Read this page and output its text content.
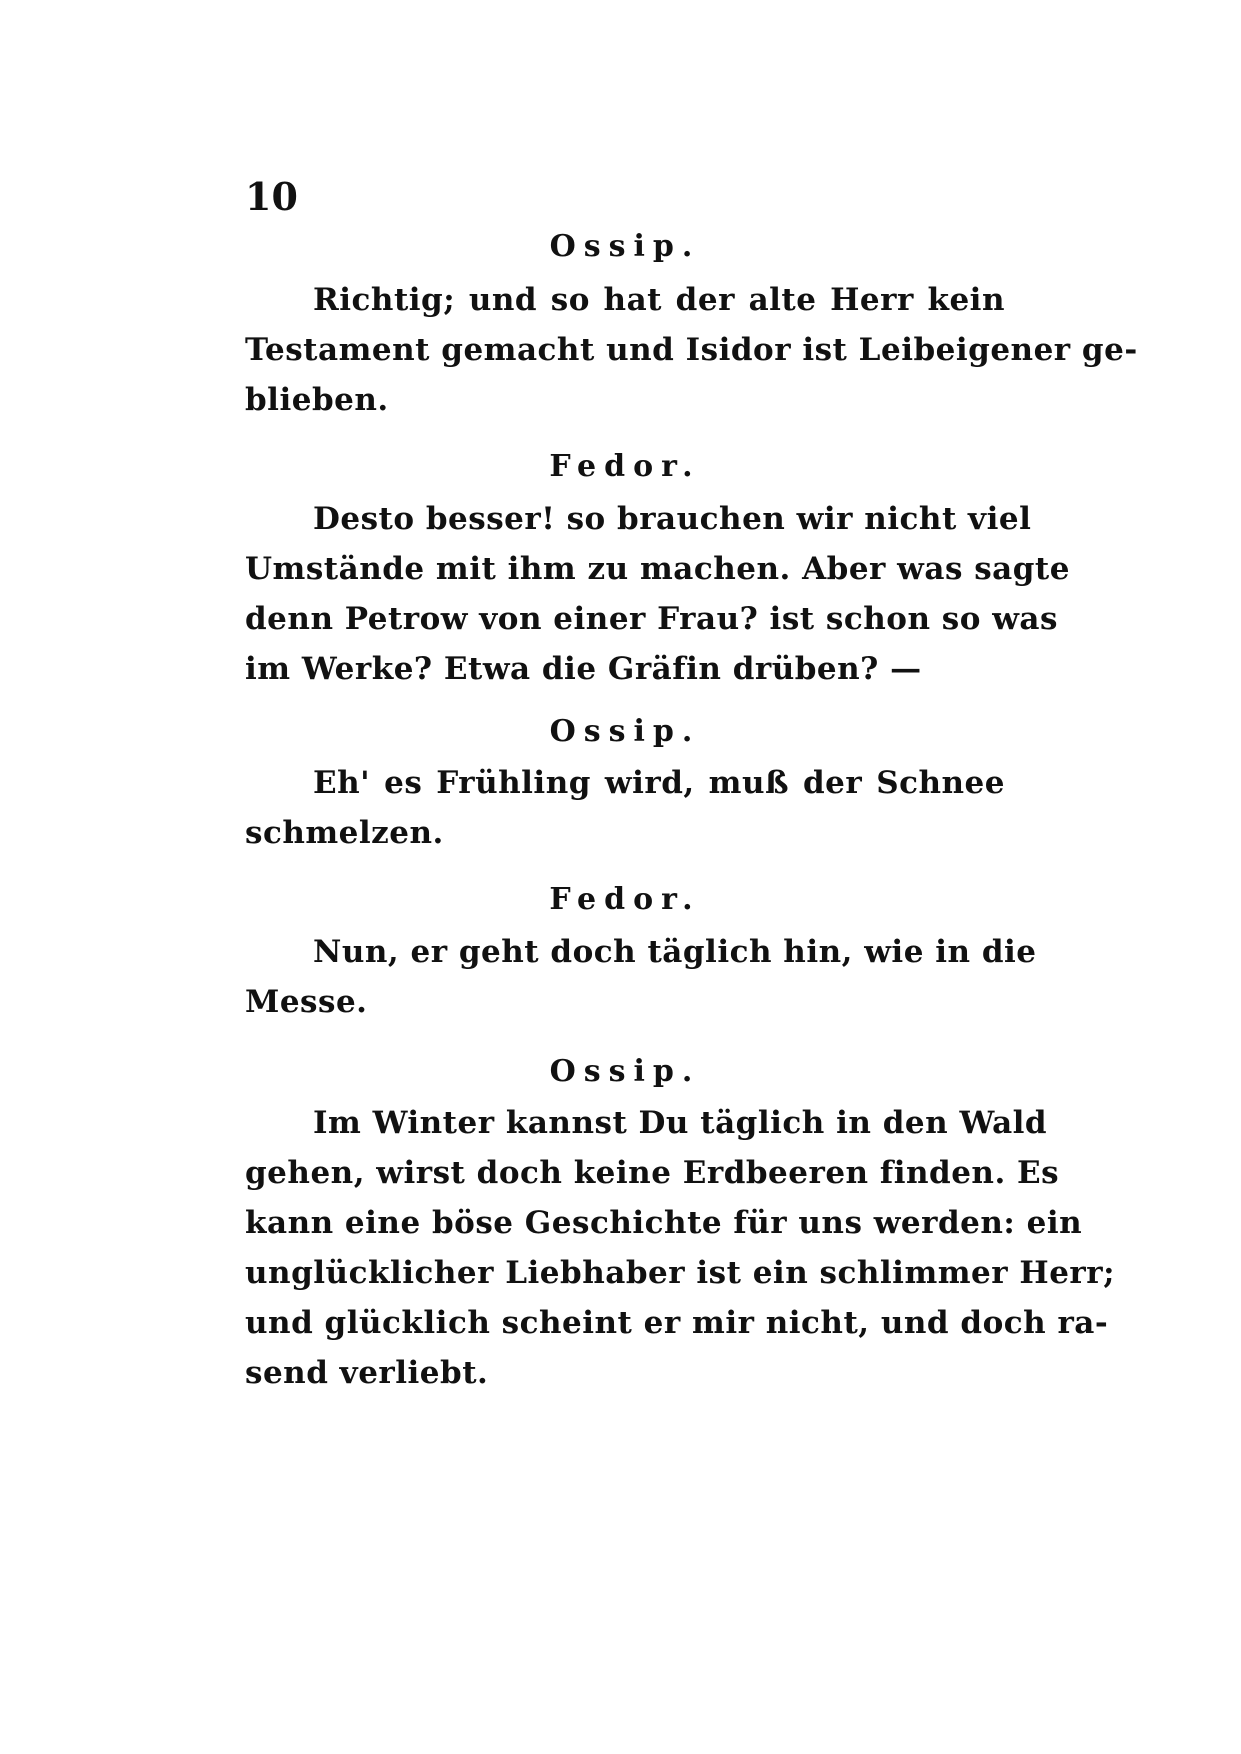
10
Ossip.
Richtig; und so hat der alte Herr kein
Testament gemacht und Isidor ist Leibeigener ge-
blieben.
Fedor.
Desto besser! so brauchen wir nicht viel
Umstände mit ihm zu machen. Aber was sagte
denn Petrow von einer Frau? ist schon so was
im Werke? Etwa die Gräfin drüben? —
Ossip.
Eh' es Frühling wird, muß der Schnee
schmelzen.
Fedor.
Nun, er geht doch täglich hin, wie in die
Messe.
Ossip.
Im Winter kannst Du täglich in den Wald
gehen, wirst doch keine Erdbeeren finden. Es
kann eine böse Geschichte für uns werden: ein
unglücklicher Liebhaber ist ein schlimmer Herr;
und glücklich scheint er mir nicht, und doch ra-
send verliebt.
